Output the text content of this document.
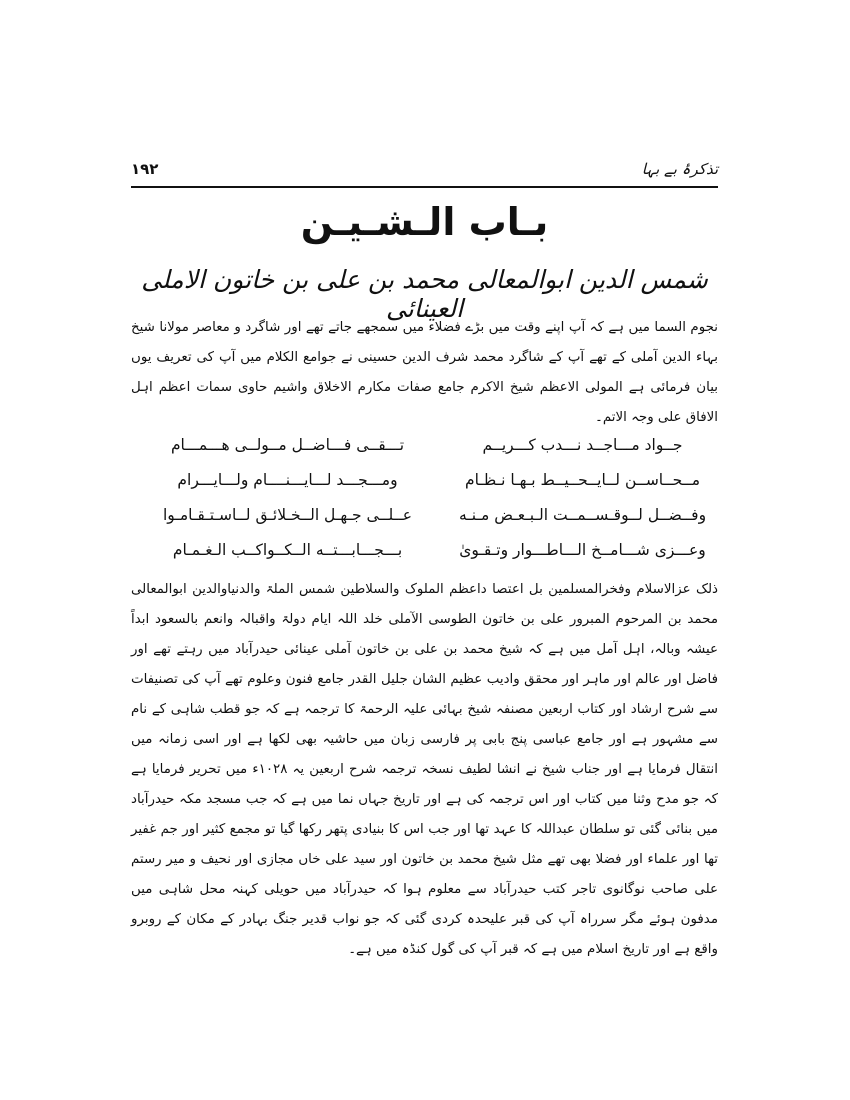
تذکرۂ بے بہا
۱۹۲
بـاب الـشـيـن
شمس الدین ابوالمعالی محمد بن علی بن خاتون الاملی العینائی
نجوم السما میں ہے کہ آپ اپنے وقت میں بڑے فضلاء میں سمجھے جاتے تھے اور شاگرد و معاصر مولانا شیخ بہاء الدین آملی کے تھے آپ کے شاگرد محمد شرف الدین حسینی نے جوامع الکلام میں آپ کی تعریف یوں بیان فرمائی ہے المولی الاعظم شیخ الاکرم جامع صفات مکارم الاخلاق واشیم حاوی سمات اعظم اہل الافاق علی وجہ الاتم۔
جــواد مـــاجــد نـــدب كـــريــم
تـــقــى فـــاضــل مــولــى هـــمـــام
مــحــاســن لــايــحــيــط بـهـا نـظـام
ومـــجـــد لـــايـــنــــام ولـــايـــرام
وفــضــل لــوقـســمــت الـبـعـض مـنـه
عــلــى جـهـل الــخـلائـق لــاسـتـقـامـوا
وعـــزى شـــامــخ الـــاطـــوار وتـقـوىٰ
بـــجـــابـــتــه الــكــواكــب الـغـمـام
ذلک عزالاسلام وفخرالمسلمین بل اعتصا داعظم الملوک والسلاطین شمس الملۃ والدنیاوالدین ابوالمعالی محمد بن المرحوم المبرور علی بن خاتون الطوسی الآملی خلد اللہ ایام دولۃ واقبالہ وانعم بالسعود ابداً عیشہ وبالہ، اہل آمل میں ہے کہ شیخ محمد بن علی بن خاتون آملی عینائی حیدرآباد میں رہتے تھے اور فاضل اور عالم اور ماہر اور محقق وادیب عظیم الشان جلیل القدر جامع فنون وعلوم تھے آپ کی تصنیفات سے شرح ارشاد اور کتاب اربعین مصنفہ شیخ بہائی علیہ الرحمۃ کا ترجمہ ہے کہ جو قطب شاہی کے نام سے مشہور ہے اور جامع عباسی پنج بابی پر فارسی زبان میں حاشیہ بھی لکھا ہے اور اسی زمانہ میں انتقال فرمایا ہے اور جناب شیخ نے انشا لطیف نسخہ ترجمہ شرح اربعین یہ ۱۰۲۸ء میں تحریر فرمایا ہے کہ جو مدح وثنا میں کتاب اور اس ترجمہ کی ہے اور تاریخ جہاں نما میں ہے کہ جب مسجد مکہ حیدرآباد میں بنائی گئی تو سلطان عبداللہ کا عہد تھا اور جب اس کا بنیادی پتھر رکھا گیا تو مجمع کثیر اور جم غفیر تھا اور علماء اور فضلا بھی تھے مثل شیخ محمد بن خاتون اور سید علی خاں مجازی اور نحیف و میر رستم علی صاحب نوگانوی تاجر کتب حیدرآباد سے معلوم ہوا کہ حیدرآباد میں حویلی کہنہ محل شاہی میں مدفون ہوئے مگر سرراہ آپ کی قبر علیحدہ کردی گئی کہ جو نواب قدیر جنگ بہادر کے مکان کے روبرو واقع ہے اور تاریخ اسلام میں ہے کہ قبر آپ کی گول کنڈہ میں ہے۔
